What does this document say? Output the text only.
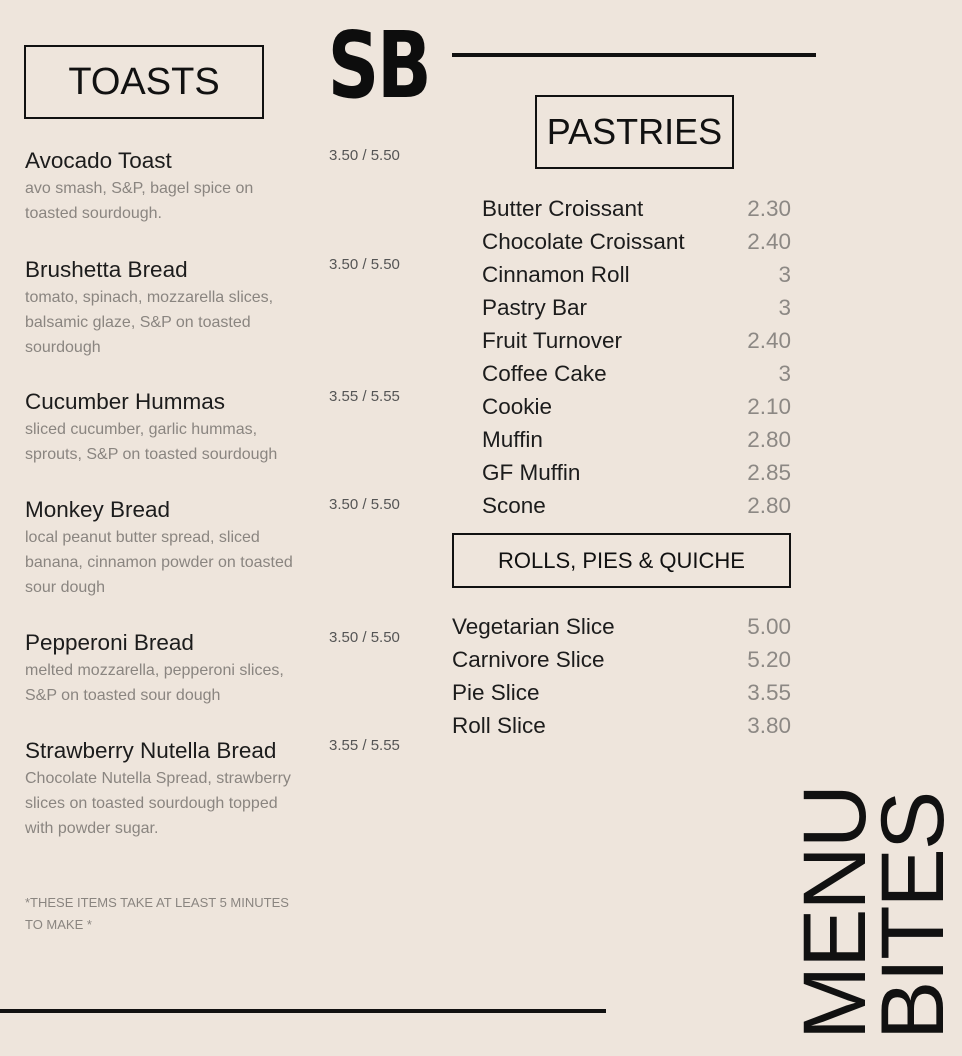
SB
TOASTS
PASTRIES
ROLLS, PIES & QUICHE
Avocado Toast	3.50 / 5.50
avo smash, S&P, bagel spice on toasted sourdough.
Brushetta Bread	3.50 / 5.50
tomato, spinach, mozzarella slices, balsamic glaze, S&P on toasted sourdough
Cucumber Hummas	3.55 / 5.55
sliced cucumber, garlic hummas, sprouts, S&P on toasted sourdough
Monkey Bread	3.50 / 5.50
local peanut butter spread, sliced banana, cinnamon powder on toasted sour dough
Pepperoni Bread	3.50 / 5.50
melted mozzarella, pepperoni slices, S&P on toasted sour dough
Strawberry Nutella Bread	3.55 / 5.55
Chocolate Nutella Spread, strawberry slices on toasted sourdough topped with powder sugar.
*THESE ITEMS TAKE AT LEAST 5 MINUTES TO MAKE *
Butter Croissant	2.30
Chocolate Croissant	2.40
Cinnamon Roll	3
Pastry Bar	3
Fruit Turnover	2.40
Coffee Cake	3
Cookie	2.10
Muffin	2.80
GF Muffin	2.85
Scone	2.80
Vegetarian Slice	5.00
Carnivore Slice	5.20
Pie Slice	3.55
Roll Slice	3.80
MENU
BITES
